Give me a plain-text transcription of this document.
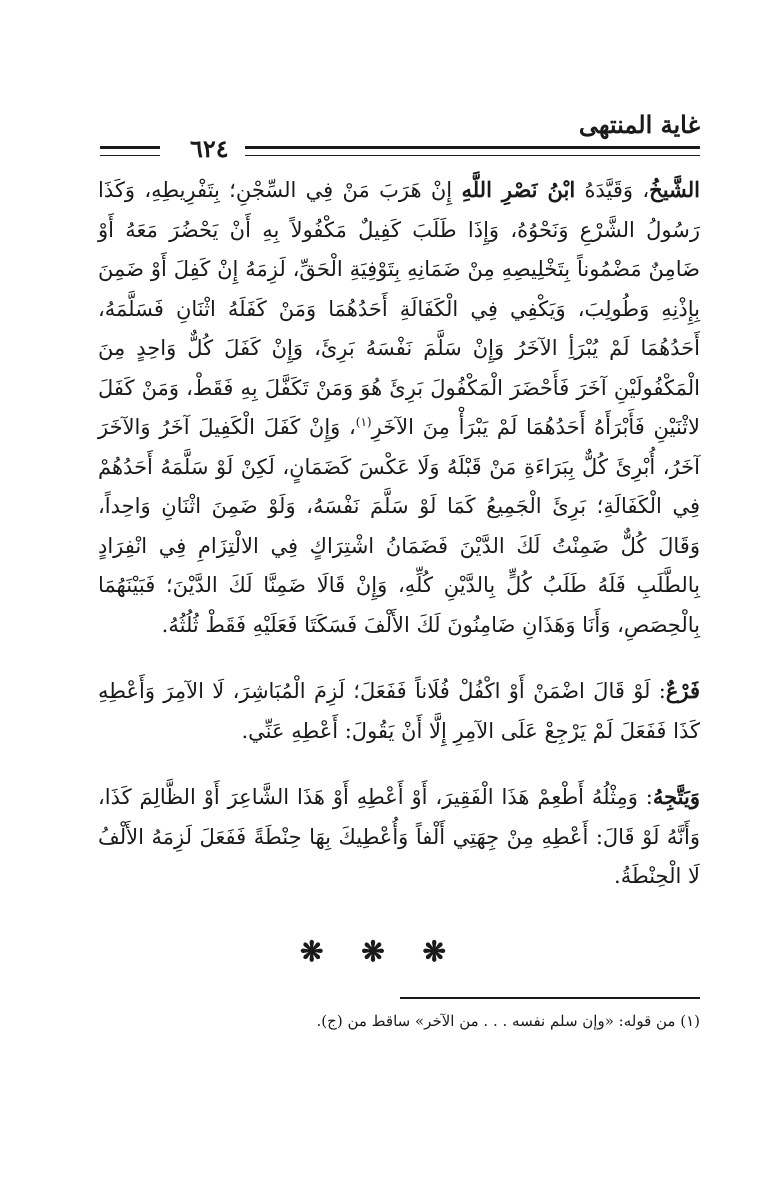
غاية المنتهى
٦٢٤

الشَّيخُ، وَقَيَّدَهُ ابْنُ نَصْرِ اللَّهِ إِنْ هَرَبَ مَنْ فِي السِّجْنِ؛ بِتَفْرِيطِهِ، وَكَذَا رَسُولُ الشَّرْعِ وَنَحْوُهُ، وَإِذَا طَلَبَ كَفِيلٌ مَكْفُولاً بِهِ أَنْ يَحْضُرَ مَعَهُ أَوْ ضَامِنٌ مَضْمُوناً بِتَخْلِيصِهِ مِنْ ضَمَانِهِ بِتَوْفِيَةِ الْحَقِّ، لَزِمَهُ إِنْ كَفِلَ أَوْ ضَمِنَ بِإِذْنِهِ وَطُولِبَ، وَيَكْفِي فِي الْكَفَالَةِ أَحَدُهُمَا وَمَنْ كَفَلَهُ اثْنَانِ فَسَلَّمَهُ، أَحَدُهُمَا لَمْ يُبْرَأِ الآخَرُ وَإِنْ سَلَّمَ نَفْسَهُ بَرِئَ، وَإِنْ كَفَلَ كُلٌّ وَاحِدٍ مِنَ الْمَكْفُولَيْنِ آخَرَ فَأَحْضَرَ الْمَكْفُولَ بَرِئَ هُوَ وَمَنْ تَكَفَّلَ بِهِ فَقَطْ، وَمَنْ كَفَلَ لاثْنَيْنِ فَأَبْرَأَهُ أَحَدُهُمَا لَمْ يَبْرَأْ مِنَ الآخَرِ$^{(١)}$، وَإِنْ كَفَلَ الْكَفِيلَ آخَرُ وَالآخَرَ آخَرُ، أُبْرِئَ كُلٌّ بِبَرَاءَةِ مَنْ قَبْلَهُ وَلَا عَكْسَ كَضَمَانٍ، لَكِنْ لَوْ سَلَّمَهُ أَحَدُهُمْ فِي الْكَفَالَةِ؛ بَرِئَ الْجَمِيعُ كَمَا لَوْ سَلَّمَ نَفْسَهُ، وَلَوْ ضَمِنَ اثْنَانِ وَاحِداً، وَقَالَ كُلٌّ ضَمِنْتُ لَكَ الدَّيْنَ فَضَمَانُ اشْتِرَاكٍ فِي الالْتِزَامِ فِي انْفِرَادٍ بِالطَّلَبِ فَلَهُ طَلَبُ كُلٍّ بِالدَّيْنِ كُلِّهِ، وَإِنْ قَالَا ضَمِنَّا لَكَ الدَّيْنَ؛ فَبَيْنَهُمَا بِالْحِصَصِ، وَأَنَا وَهَذَانِ ضَامِنُونَ لَكَ الأَلْفَ فَسَكَتَا فَعَلَيْهِ فَقَطْ ثُلُثُهُ.

فَرْعٌ: لَوْ قَالَ اضْمَنْ أَوْ اكْفُلْ فُلَاناً فَفَعَلَ؛ لَزِمَ الْمُبَاشِرَ، لَا الآمِرَ وَأَعْطِهِ كَذَا فَفَعَلَ لَمْ يَرْجِعْ عَلَى الآمِرِ إِلَّا أَنْ يَقُولَ: أَعْطِهِ عَنِّي.

وَيَتَّجِهُ: وَمِثْلُهُ أَطْعِمْ هَذَا الْفَقِيرَ، أَوْ أَعْطِهِ أَوْ هَذَا الشَّاعِرَ أَوْ الظَّالِمَ كَذَا، وَأَنَّهُ لَوْ قَالَ: أَعْطِهِ مِنْ جِهَتِي أَلْفاً وَأُعْطِيكَ بِهَا حِنْطَةً فَفَعَلَ لَزِمَهُ الأَلْفُ لَا الْحِنْطَةُ.

❋ ❋ ❋
(١) من قوله: «وإن سلم نفسه . . . من الآخر» ساقط من (ج).
